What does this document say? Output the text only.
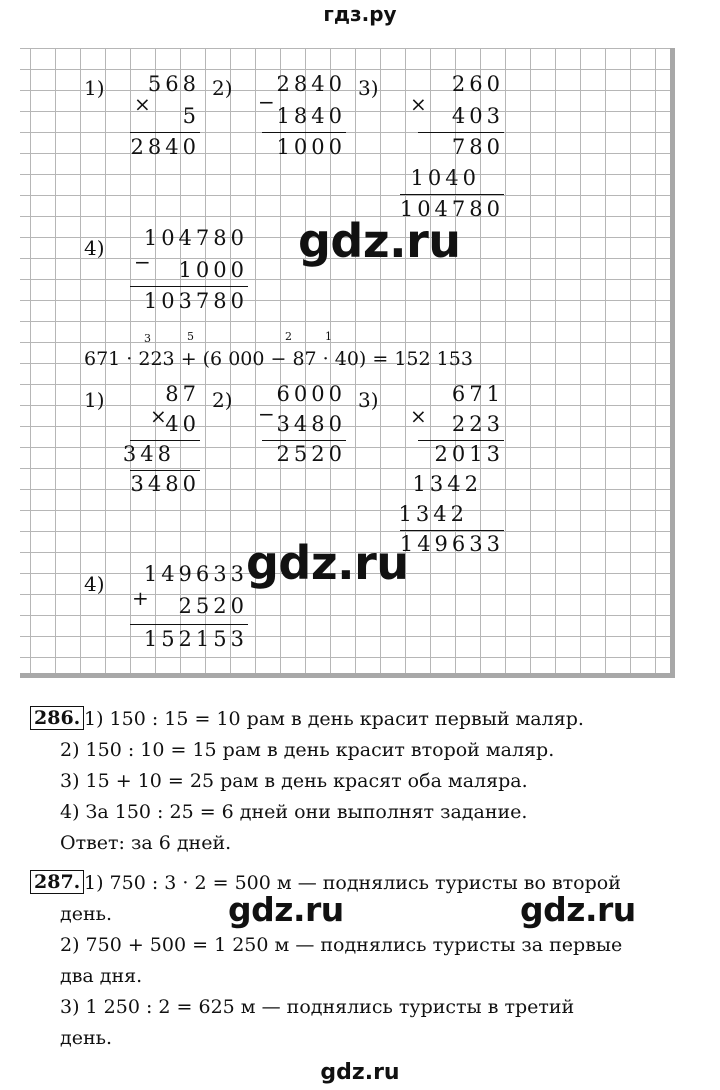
гдз.ру
1)
×
568
5
2840
2)
−
2840
1840
1000
3)
×
260
403
780
1040
104780
4)
−
104780
1000
103780
3	5	2	1
671 · 223 + (6 000 − 87 · 40) = 152 153
1)
×
87
40
348
3480
2)
−
6000
3480
2520
3)
×
671
223
2013
1342
1342
149633
4)
+
149633
2520
152153
gdz.ru
gdz.ru
gdz.ru	gdz.ru
286. 1) 150 : 15 = 10 рам в день красит первый маляр.
2) 150 : 10 = 15 рам в день красит второй маляр.
3) 15 + 10 = 25 рам в день красят оба маляра.
4) За 150 : 25 = 6 дней они выполнят задание.
Ответ: за 6 дней.
287. 1) 750 : 3 · 2 = 500 м — поднялись туристы во второй
день.
2) 750 + 500 = 1 250 м — поднялись туристы за первые
два дня.
3) 1 250 : 2 = 625 м — поднялись туристы в третий
день.
gdz.ru
